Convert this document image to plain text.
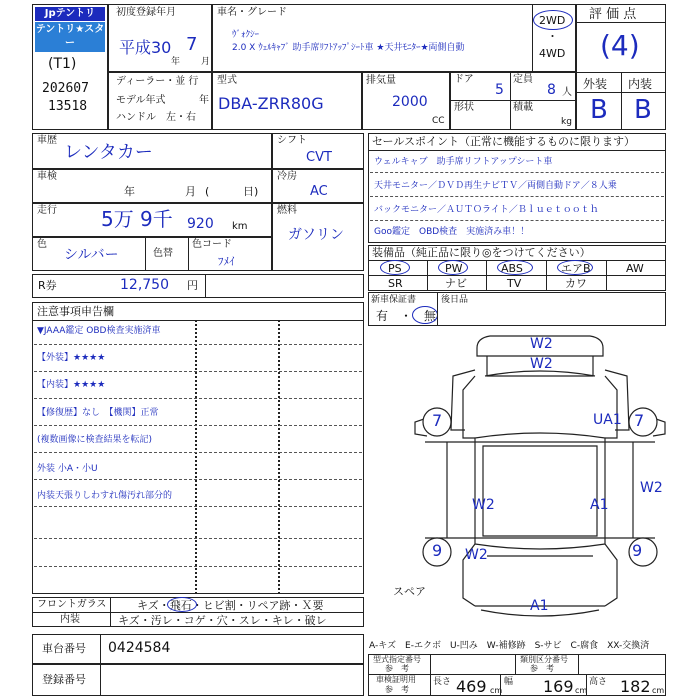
Jpテントリ
テントリ★スター
(T1)
202607
13518
初度登録年月
平成30
年
7
月
車名・グレード
ｳﾞｫｸｼｰ
2.0 X ｳｪﾙｷｬﾌﾞ 助手席ﾘﾌﾄｱｯﾌﾟｼｰﾄ車 ★天井ﾓﾆﾀｰ★両側自動
2WD
・
4WD
評 価 点
(4)
外装 内装
B B
ディーラー・並 行
モデル年式	年
ハンドル　左・右
型式
DBA-ZRR80G
排気量
2000
CC
ドア
5
定員
8 人
形状	積載
kg
車歴
レンタカー
車検
年	月 (	日)
走行 5万 9千 920 km
色
シルバー	色替
色コード
ﾌﾒｲ
シフト
CVT
冷房
AC
燃料
ガソリン
セールスポイント（正常に機能するものに限ります）
ウェルキャブ　助手席リフトアップシート車
天井モニター／ＤＶＤ再生ナビＴＶ／両側自動ドア／８人乗
バックモニター／ＡＵＴＯライト／Ｂｌｕｅｔｏｏｔｈ
Goo鑑定　OBD検査　実施済み車！！
装備品（純正品に限り◎をつけてください）
PS	PW	ABS	エアB	AW
SR	ナビ	TV	カワ
R券	12,750 円
新車保証書
有　・　無
後日品
注意事項申告欄
▼JAAA鑑定 OBD検査実施済車
【外装】★★★★
【内装】★★★★
【修復歴】なし　【機関】正常
(複数画像に検査結果を転記)
外装 小A・小U
内装天張りしわすれ傷汚れ部分的
W2
W2
7	UA1 7
W2
W2	A1
9 W2	9
A1
スペア
フロントガラス	キズ・飛石・ヒビ割・リペア跡・Ｘ要
内装	キズ・汚レ・コゲ・穴・スレ・キレ・破レ
車台番号 0424584
登録番号
A-キズ　E-エクボ　U-凹み　W-補修跡　S-サビ　C-腐食　XX-交換済
型式指定番号
参　考
類別区分番号
参　考
車検証明用
参　考
長さ 469 cm
幅 169 cm
高さ 182 cm
